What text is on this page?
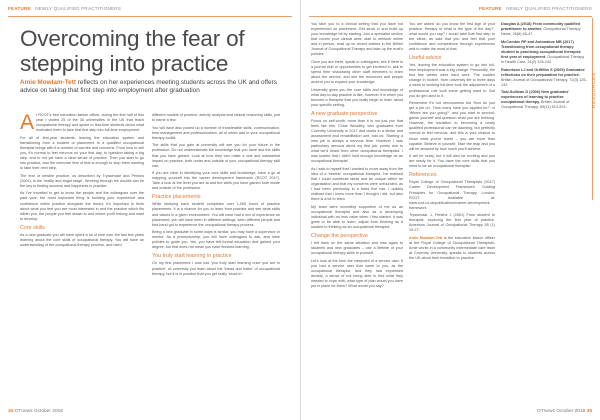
FEATURE NEWLY QUALIFIED PRACTITIONERS
Overcoming the fear of stepping into practice
Amie Mowlam-Tett reflects on her experiences meeting students across the UK and offers advice on taking that first step into employment after graduation

At RCOT's free education liaison officer, during the first half of this year I visited 25 of the 30 universities in the UK that teach occupational therapy and spoke to first-time students about what motivated them to take that first step into full-time employment.

For all of first-year students, leaving the education system and transitioning from a student or placement to a qualified occupational therapist brings with it a number of worries and concerns. From how to sell you, it's normal to feel nervous on your first day, to question taking a big step, and to not yet have a clear sense of practice. Then you start to go into practice, and the unknown fear of that is enough to stop them wanting to take their next step.

The fear of newbie practice, as described by Tryssenaar and Perkins (2001), is the 'reality and angst stage'. Working through the doubts can be the key to finding success and happiness in practice.

As I've travelled to get to know the people and the colleagues over the past year, the most important thing is building your experience and confidence within practice alongside the theory. It's important to think about what you feel you are most interested in and the practice which fits within you, the people you feel drawn to and where you'll belong and want to develop.

Core skills

As a new graduate you will have spent a lot of time over the last few years learning about the core skills of occupational therapy. You will have an understanding of the occupational therapy process, and used

different models of practice, activity analysis and clinical reasoning skills, just to name a few.

You will have also picked up a number of transferable skills, communication, time management and professionalism, all of which add to your occupational therapy toolkit.

The skills that you gain at university will see you for your future in the profession. Do not underestimate the knowledge that you have and the skills that you have gained. Look at how they can make a real and substantial impact on practice, both under and outside of your occupational therapy skill role.

If you are clear in identifying your core skills and knowledge, have a go at mapping yourself into the career development framework (RCOT 2017). Take a look at the level you are at and the skills you have gained both inside and outside of the profession.

Practice placements

While studying each student completes over 1,000 hours of practice placements. It is a chance for you to learn from practice and see what skills and values in a given environment. You will have had a mix of experience on placement; you will have been in different settings, seen different people and first-hand got to experience the occupational therapy process.

Being a new graduate in some ways is similar, you may have a supervisor or mentor. As a preceptorship, you will have colleagues to ask, and have policies to guide you. Yes, you have left formal education and gained your degree, but that does not mean you have finished learning.

You truly start learning in practice

On my first placement I was told 'you truly start learning once you are in practice'. At university you learn about the 'bread and butter' of occupational therapy, but it is in practice that you get really 'stuck in'.

34 OTnews October 2018
FEATURE NEWLY QUALIFIED PRACTITIONERS

You take you to a clinical setting that you have not experienced on placement. Get stuck in and build up your knowledge bit by starting. Join a specialist section that covers your clinical area, start to network online and in person, read up on recent articles in the British Journal of Occupational Therapy and take up the trust's policies.

Once you are there, speak to colleagues; see if there is a journal club or opportunities to get involved in, ask to spend time shadowing other staff members to learn about the service, and see the resources and people around you to expand your knowledge.

University gives you the core skills and knowledge of what day-to-day practice is like, however it is when you become a therapist that you really begin to learn about your specific setting.

A new graduate perspective

Focus on self-worth, more than it is not just you that feels like this. Chloe Woodley, who graduated from Coventry University in 2017 and works in a stroke and assessment and rehabilitation unit, told us: 'Starting a new job is always a nervous time. However I was particularly nervous about my first job, purely due to what we'd heard from other occupational therapists. I was scared that I didn't hold enough knowledge as an occupational therapist.

As I said to myself that I wanted to move away from the idea of a 'newbie' occupational therapist, I've realised that I could contribute ideas and be unique within an organisation and that my concerns were unfounded, as I had been previously in a band five role. I quickly realised that I knew more than I thought I did, but also there is a lot to learn.

My team were incredibly supportive of me as an occupational therapist and also as a developing individual with no less value when I first started. It was great to be able to learn, adjust from thinking as a student to thinking as an occupational therapist.

Change the perspective

I felt back on the same situation and was again to students and new graduates – use a lifetime of your occupational therapy skills in yourself.

Let's look at the form the viewpoint of a service user. If you had a service user that came to you, as the occupational therapist, and they had expressed anxiety, a sense of not being able to find what they needed to cope with, what type of plan would you have put in place for them? What would you say?

You are asked 'do you know the first sign of your practice, therapy or what is the type of the day?', what would you say? I would take that first step to the ideas, as said that you and feel that your confidence and competence through experiences and to make the most of that.

Useful advice

Yes, leaving the education system to go into full-time employment was a big change. Personally, the first few weeks were hard work. The sudden change in routine, from university life to three days a week to working full-time took the adjustment of a professional role took some getting used to. But you do get used to it.

Remember it's not nervousness but 'How do you get a job on', 'How many have you applied for?' or 'Where are you going?', and you start to second-guess yourself and question what you are thinking. However, the transition to becoming a newly qualified professional can be daunting, but perfectly normal to feel nervous, and this is your chance to show what you've learnt – you are more than capable. Believe in yourself. Take the leap and you will be amazed by how much you'll achieve.

It will be scary, but it will also be exciting and you are ready for it. You have the core skills that you need to be an occupational therapist!

References

Royal College of Occupational Therapists (2017) Career Development Framework: Guiding Principles for Occupational Therapy. London: RCOT. Available at: www.rcot.co.uk/publications/career-development-framework

Tryssenaar J, Perkins J (2001) From student to therapist: exploring the first year of practice. American Journal of Occupational Therapy 55 (1) 19-27.

Amie Mowlam-Tett is the education liaison officer at the Royal College of Occupational Therapists. Amie works in a community intermediate care team at Coventry University, speaks to students across the UK about their transition to practice.

RESOURCES

Douglas A (2018) From community qualified practitioner to another. Occupational Therapy News, 26(6) 46-47.

McCombie RP and Antonakos MB (2017) Transitioning from occupational therapy student to practising occupational therapist: first year of employment. Occupational Therapy in Health Care, 31(2) 126-142.

Robertson LJ and Griffiths S (2009) Graduates' reflections on their preparation for practice. British Journal of Occupational Therapy, 72(3) 125-132.

Toal-Sullivan D (2006) New graduates' experiences of learning to practise occupational therapy. British Journal of Occupational Therapy, 69(11) 513-524.

OTnews October 2018 35
